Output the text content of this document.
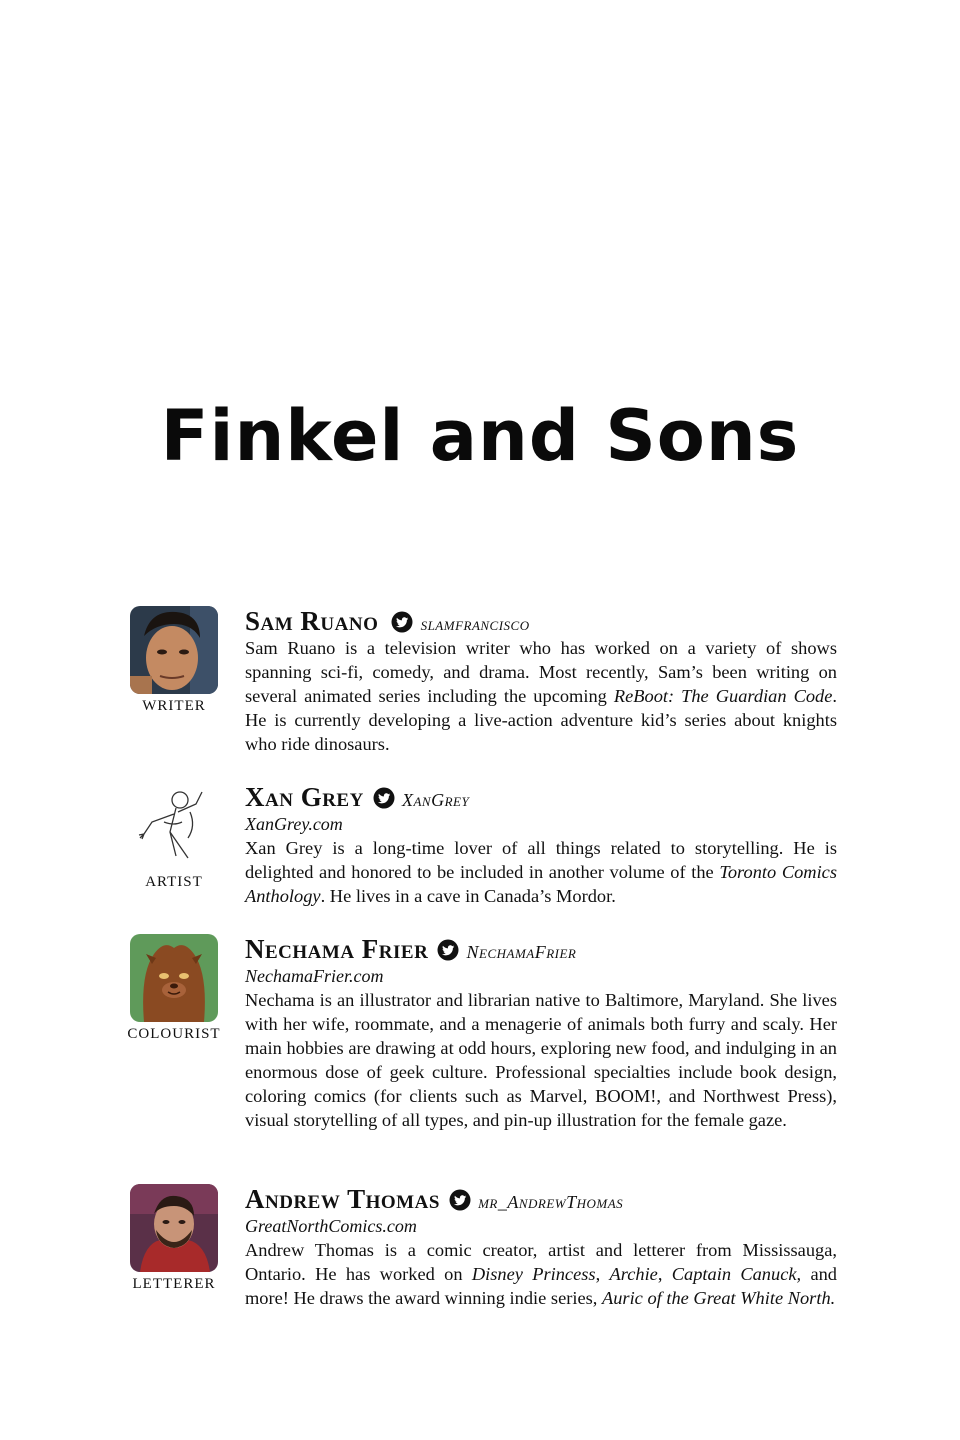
Finkel and Sons
WRITER
Sam Ruano slamfrancisco

Sam Ruano is a television writer who has worked on a variety of shows spanning sci-fi, comedy, and drama. Most recently, Sam’s been writing on several animated series including the upcoming ReBoot: The Guardian Code. He is currently developing a live-action adventure kid’s series about knights who ride dinosaurs.

ARTIST
Xan Grey XanGrey
XanGrey.com

Xan Grey is a long-time lover of all things related to storytelling. He is delighted and honored to be included in another volume of the Toronto Comics Anthology. He lives in a cave in Canada’s Mordor.

COLOURIST
Nechama Frier NechamaFrier
NechamaFrier.com

Nechama is an illustrator and librarian native to Baltimore, Maryland. She lives with her wife, roommate, and a menagerie of animals both furry and scaly. Her main hobbies are drawing at odd hours, exploring new food, and indulging in an enormous dose of geek culture. Professional specialties include book design, coloring comics (for clients such as Marvel, BOOM!, and Northwest Press), visual storytelling of all types, and pin-up illustration for the female gaze.

LETTERER
Andrew Thomas mr_AndrewThomas
GreatNorthComics.com

Andrew Thomas is a comic creator, artist and letterer from Mississauga, Ontario. He has worked on Disney Princess, Archie, Captain Canuck, and more! He draws the award winning indie series, Auric of the Great White North.
